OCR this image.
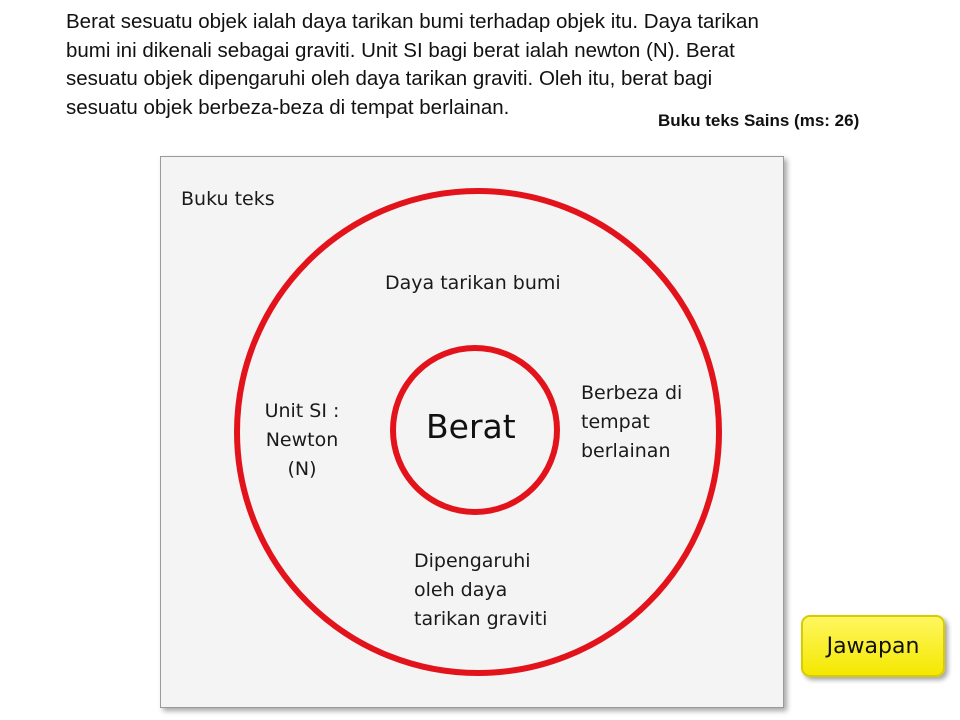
Berat sesuatu objek ialah daya tarikan bumi terhadap objek itu. Daya tarikan
bumi ini dikenali sebagai graviti. Unit SI bagi berat ialah newton (N). Berat
sesuatu objek dipengaruhi oleh daya tarikan graviti. Oleh itu, berat bagi
sesuatu objek berbeza-beza di tempat berlainan.
Buku teks Sains (ms: 26)
Buku teks
Daya tarikan bumi
Unit SI :
Newton
(N)
Berbeza di
tempat
berlainan
Dipengaruhi
oleh daya
tarikan graviti
Berat
Jawapan
